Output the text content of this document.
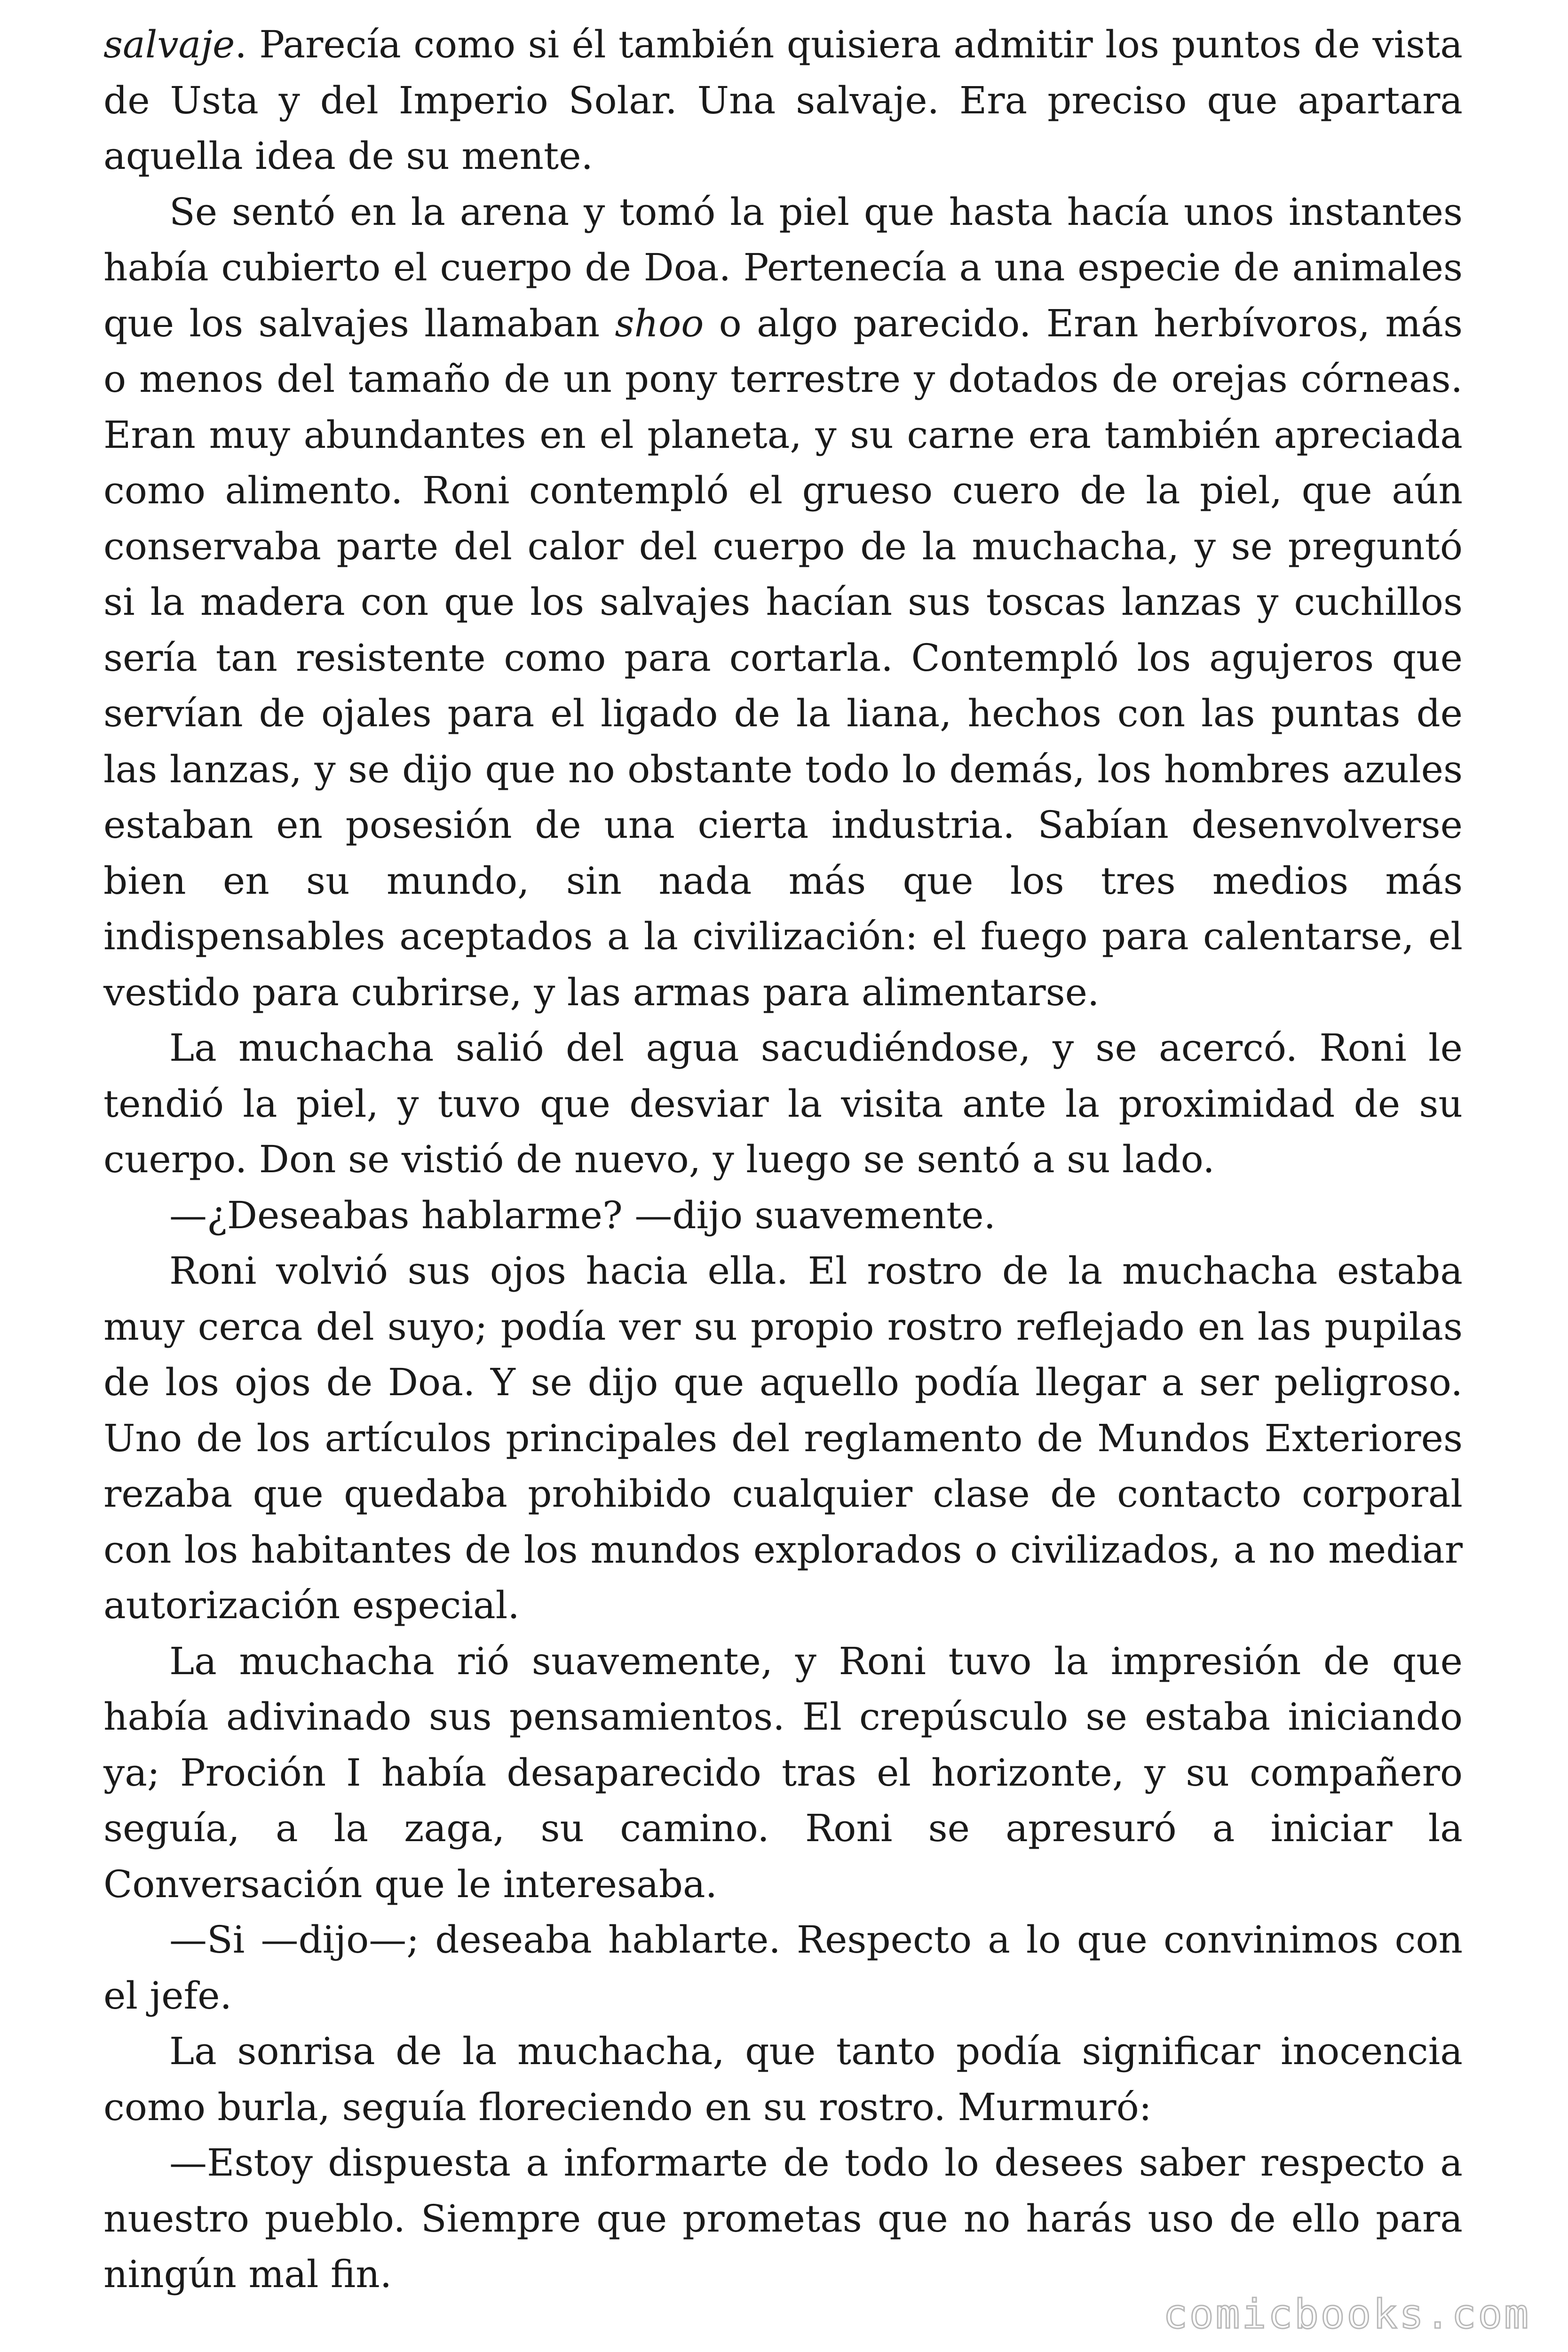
salvaje. Parecía como si él también quisiera admitir los puntos de vista de Usta y del Imperio Solar. Una salvaje. Era preciso que apartara aquella idea de su mente.

Se sentó en la arena y tomó la piel que hasta hacía unos instantes había cubierto el cuerpo de Doa. Pertenecía a una especie de animales que los salvajes llamaban shoo o algo parecido. Eran herbívoros, más o menos del tamaño de un pony terrestre y dotados de orejas córneas. Eran muy abundantes en el planeta, y su carne era también apreciada como alimento. Roni contempló el grueso cuero de la piel, que aún conservaba parte del calor del cuerpo de la muchacha, y se preguntó si la madera con que los salvajes hacían sus toscas lanzas y cuchillos sería tan resistente como para cortarla. Contempló los agujeros que servían de ojales para el ligado de la liana, hechos con las puntas de las lanzas, y se dijo que no obstante todo lo demás, los hombres azules estaban en posesión de una cierta industria. Sabían desenvolverse bien en su mundo, sin nada más que los tres medios más indispensables aceptados a la civilización: el fuego para calentarse, el vestido para cubrirse, y las armas para alimentarse.

La muchacha salió del agua sacudiéndose, y se acercó. Roni le tendió la piel, y tuvo que desviar la visita ante la proximidad de su cuerpo. Don se vistió de nuevo, y luego se sentó a su lado.

—¿Deseabas hablarme? —dijo suavemente.

Roni volvió sus ojos hacia ella. El rostro de la muchacha estaba muy cerca del suyo; podía ver su propio rostro reflejado en las pupilas de los ojos de Doa. Y se dijo que aquello podía llegar a ser peligroso. Uno de los artículos principales del reglamento de Mundos Exteriores rezaba que quedaba prohibido cualquier clase de contacto corporal con los habitantes de los mundos explorados o civilizados, a no mediar autorización especial.

La muchacha rió suavemente, y Roni tuvo la impresión de que había adivinado sus pensamientos. El crepúsculo se estaba iniciando ya; Proción I había desaparecido tras el horizonte, y su compañero seguía, a la zaga, su camino. Roni se apresuró a iniciar la Conversación que le interesaba.

—Si —dijo—; deseaba hablarte. Respecto a lo que convinimos con el jefe.

La sonrisa de la muchacha, que tanto podía significar inocencia como burla, seguía floreciendo en su rostro. Murmuró:

—Estoy dispuesta a informarte de todo lo desees saber respecto a nuestro pueblo. Siempre que prometas que no harás uso de ello para ningún mal fin.

comicbooks.com
